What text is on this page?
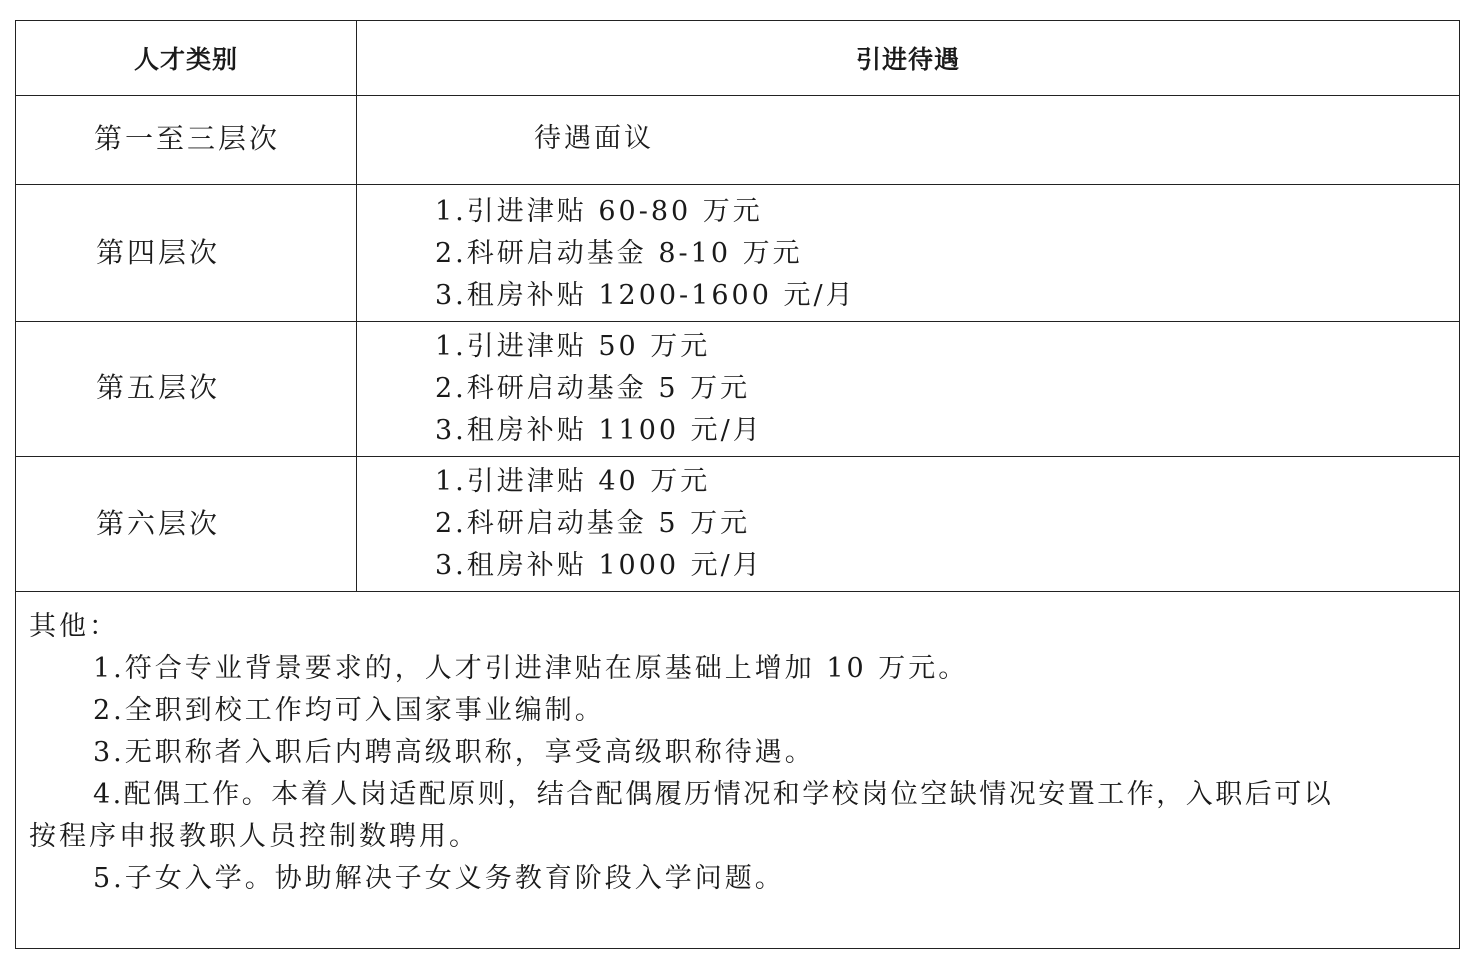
人才类别	引进待遇
第一至三层次	待遇面议
第四层次
1.引进津贴 60-80 万元
2.科研启动基金 8-10 万元
3.租房补贴 1200-1600 元/月
第五层次
1.引进津贴 50 万元
2.科研启动基金 5 万元
3.租房补贴 1100 元/月
第六层次
1.引进津贴 40 万元
2.科研启动基金 5 万元
3.租房补贴 1000 元/月
其他：
1.符合专业背景要求的，人才引进津贴在原基础上增加 10 万元。
2.全职到校工作均可入国家事业编制。
3.无职称者入职后内聘高级职称，享受高级职称待遇。
4.配偶工作。本着人岗适配原则，结合配偶履历情况和学校岗位空缺情况安置工作，入职后可以
按程序申报教职人员控制数聘用。
5.子女入学。协助解决子女义务教育阶段入学问题。
